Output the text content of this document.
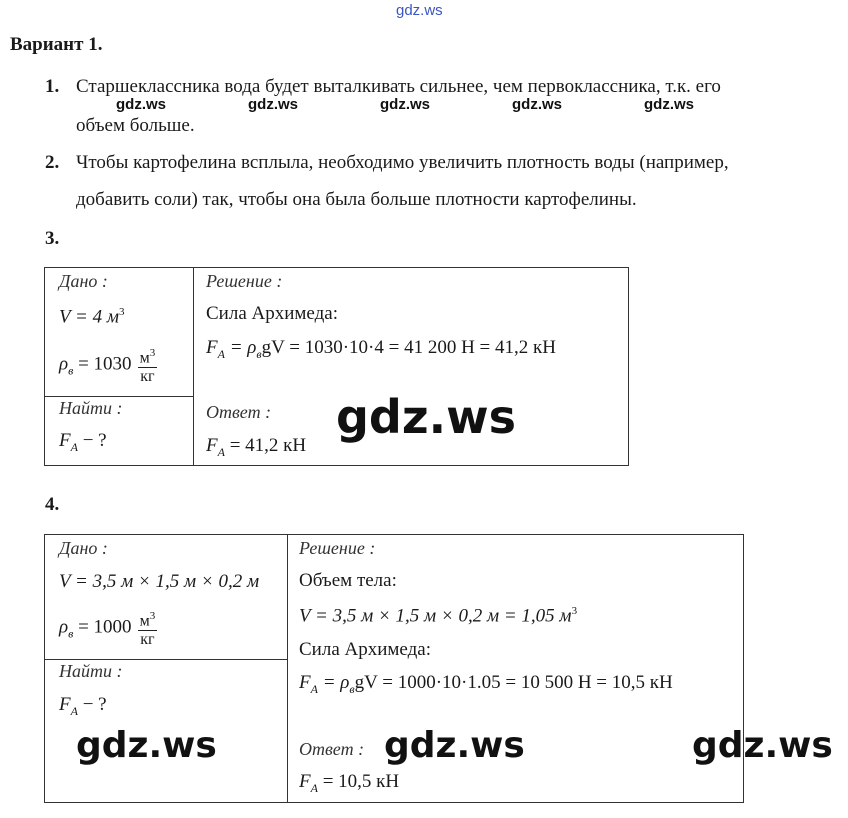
gdz.ws
Вариант 1.
1. Старшеклассника вода будет выталкивать сильнее, чем первоклассника, т.к. его
объем больше.
gdz.ws	gdz.ws	gdz.ws	gdz.ws	gdz.ws
2. Чтобы картофелина всплыла, необходимо увеличить плотность воды (например,
добавить соли) так, чтобы она была больше плотности картофелины.
3.
Дано :
V = 4 $м^3$
$\rho_в = 1030 \frac{м^3}{кг}$

Решение :
Сила Архимеда:
$F_A = \rho_вgV = 1030\cdot 10\cdot 4 = 41$ 200 Н = 41,2 кН
Ответ :
$F_A = 41,2$ кН

Найти :
$F_A$ − ?	gdz.ws
4.
Дано :
V = 3,5 м × 1,5 м × 0,2 м
$\rho_в = 1000 \frac{м^3}{кг}$

Решение :
Объем тела:
V = 3,5 м × 1,5 м × 0,2 м = 1,05 $м^3$
Сила Архимеда:
$F_A = \rho_вgV = 1000\cdot 10\cdot 1.05 = 10$ 500 Н = 10,5 кН
Ответ :
$F_A = 10,5$ кН

Найти :
$F_A$ − ?
gdz.ws	gdz.ws	gdz.ws
